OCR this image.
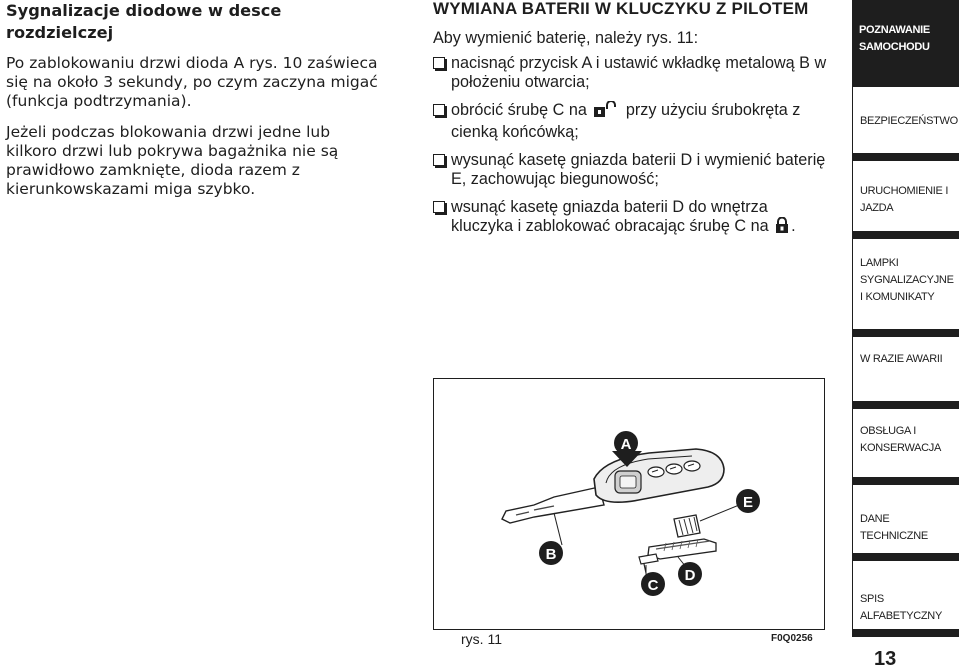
Sygnalizacje diodowe w desce rozdzielczej

Po zablokowaniu drzwi dioda A rys. 10 zaświeca się na około 3 sekundy, po czym zaczyna migać (funkcja podtrzymania).

Jeżeli podczas blokowania drzwi jedne lub kilkoro drzwi lub pokrywa bagażnika nie są prawidłowo zamknięte, dioda razem z kierunkowskazami miga szybko.

WYMIANA BATERII W KLUCZYKU Z PILOTEM

Aby wymienić baterię, należy rys. 11:

nacisnąć przycisk A i ustawić wkładkę metalową B w położeniu otwarcia;
obrócić śrubę C na  przy użyciu śrubokręta z cienką końcówką;
wysunąć kasetę gniazda baterii D i wymienić baterię E, zachowując biegunowość;
wsunąć kasetę gniazda baterii D do wnętrza kluczyka i zablokować obracając śrubę C na .
A
B
C
D
E
rys. 11	F0Q0256
POZNAWANIE SAMOCHODU
BEZPIECZEŃSTWO
URUCHOMIENIE I JAZDA
LAMPKI SYGNALIZACYJNE I KOMUNIKATY
W RAZIE AWARII
OBSŁUGA I KONSERWACJA
DANE TECHNICZNE
SPIS ALFABETYCZNY
13
